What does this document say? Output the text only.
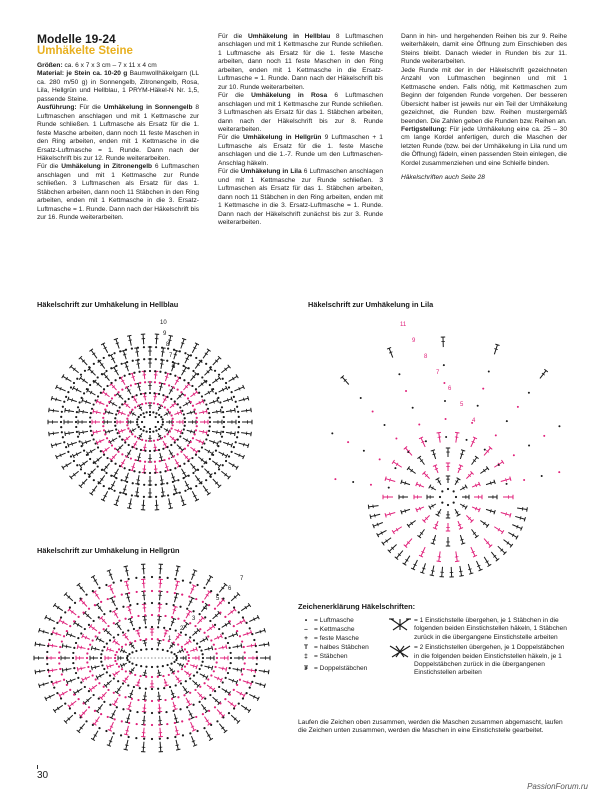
Modelle 19-24
Umhäkelte Steine

Größen: ca. 6 x 7 x 3 cm – 7 x 11 x 4 cm

Material: je Stein ca. 10-20 g Baumwollhäkelgarn (LL ca. 280 m/50 g) in Sonnengelb, Zitronengelb, Rosa, Lila, Hellgrün und Hellblau, 1 PRYM-Häkel-N Nr. 1,5, passende Steine.

Ausführung: Für die Umhäkelung in Sonnengelb 8 Luftmaschen anschlagen und mit 1 Kettmasche zur Runde schließen. 1 Luftmasche als Ersatz für die 1. feste Masche arbeiten, dann noch 11 feste Maschen in den Ring arbeiten, enden mit 1 Kettmasche in die Ersatz-Luftmasche = 1. Runde. Dann nach der Häkelschrift bis zur 12. Runde weiterarbeiten.

Für die Umhäkelung in Zitronengelb 6 Luftmaschen anschlagen und mit 1 Kettmasche zur Runde schließen. 3 Luftmaschen als Ersatz für das 1. Stäbchen arbeiten, dann noch 11 Stäbchen in den Ring arbeiten, enden mit 1 Kettmasche in die 3. Ersatz-Luftmasche = 1. Runde. Dann nach der Häkelschrift bis zur 16. Runde weiterarbeiten.

Für die Umhäkelung in Hellblau 8 Luftmaschen anschlagen und mit 1 Kettmasche zur Runde schließen. 1 Luftmasche als Ersatz für die 1. feste Masche arbeiten, dann noch 11 feste Maschen in den Ring arbeiten, enden mit 1 Kettmasche in die Ersatz-Luftmasche = 1. Runde. Dann nach der Häkelschrift bis zur 10. Runde weiterarbeiten.

Für die Umhäkelung in Rosa 6 Luftmaschen anschlagen und mit 1 Kettmasche zur Runde schließen. 3 Luftmaschen als Ersatz für das 1. Stäbchen arbeiten, dann nach der Häkelschrift bis zur 8. Runde weiterarbeiten.

Für die Umhäkelung in Hellgrün 9 Luftmaschen + 1 Luftmasche als Ersatz für die 1. feste Masche anschlagen und die 1.-7. Runde um den Luftmaschen-Anschlag häkeln.

Für die Umhäkelung in Lila 6 Luftmaschen anschlagen und mit 1 Kettmasche zur Runde schließen. 3 Luftmaschen als Ersatz für das 1. Stäbchen arbeiten, dann noch 11 Stäbchen in den Ring arbeiten, enden mit 1 Kettmasche in die 3. Ersatz-Luftmasche = 1. Runde. Dann nach der Häkelschrift zunächst bis zur 3. Runde weiterarbeiten.

Dann in hin- und hergehenden Reihen bis zur 9. Reihe weiterhäkeln, damit eine Öffnung zum Einschieben des Steins bleibt. Danach wieder in Runden bis zur 11. Runde weiterarbeiten.

Jede Runde mit der in der Häkelschrift gezeichneten Anzahl von Luftmaschen beginnen und mit 1 Kettmasche enden. Falls nötig, mit Kettmaschen zum Beginn der folgenden Runde vorgehen. Der besseren Übersicht halber ist jeweils nur ein Teil der Umhäkelung gezeichnet, die Runden bzw. Reihen mustergemäß beenden. Die Zahlen geben die Runden bzw. Reihen an.

Fertigstellung: Für jede Umhäkelung eine ca. 25 – 30 cm lange Kordel anfertigen, durch die Maschen der letzten Runde (bzw. bei der Umhäkelung in Lila rund um die Öffnung) fädeln, einen passenden Stein einlegen, die Kordel zusammenziehen und eine Schleife binden.

Häkelschriften auch Seite 28

Häkelschrift zur Umhäkelung in Hellblau	Häkelschrift zur Umhäkelung in Lila
Häkelschrift zur Umhäkelung in Hellgrün
10
9
8
7
6
11
9
8
7
6
5
4
7
6
5
4
3
2
1
Zeichenerklärung Häkelschriften:
•	= Luftmasche
– = Kettmasche
+ = feste Masche
T = halbes Stäbchen
‡ = Stäbchen
₮ = Doppelstäbchen
= 1 Einstichstelle übergehen, je 1 Stäbchen in die folgenden beiden Einstichstellen häkeln, 1 Stäbchen zurück in die übergangene Einstichstelle arbeiten
= 2 Einstichstellen übergehen, je 1 Doppelstäbchen in die folgenden beiden Einstichstellen häkeln, je 1 Doppelstäbchen zurück in die übergangenen Einstichstellen arbeiten
Laufen die Zeichen oben zusammen, werden die Maschen zusammen abgemascht, laufen die Zeichen unten zusammen, werden die Maschen in eine Einstichstelle gearbeitet.
30
PassionForum.ru
